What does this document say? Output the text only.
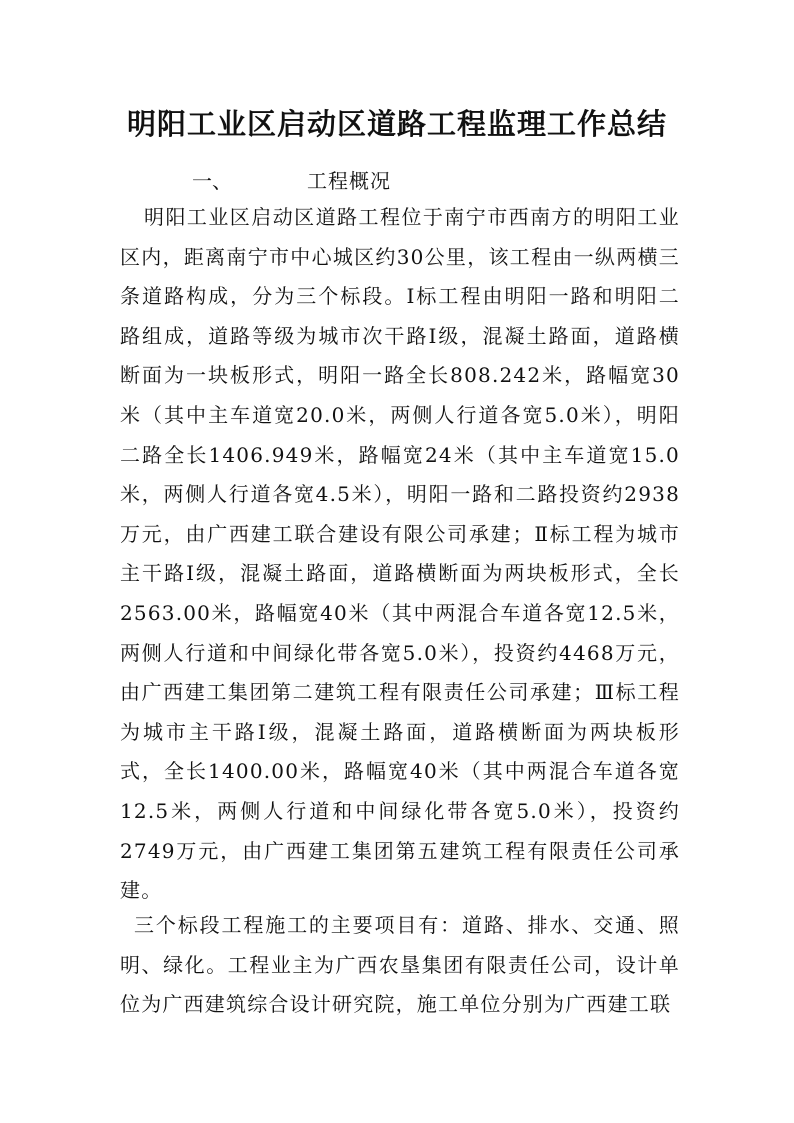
明阳工业区启动区道路工程监理工作总结
一、	工程概况

明阳工业区启动区道路工程位于南宁市西南方的明阳工业区内，距离南宁市中心城区约30公里，该工程由一纵两横三条道路构成，分为三个标段。Ⅰ标工程由明阳一路和明阳二路组成，道路等级为城市次干路Ⅰ级，混凝土路面，道路横断面为一块板形式，明阳一路全长808.242米，路幅宽30米（其中主车道宽20.0米，两侧人行道各宽5.0米），明阳二路全长1406.949米，路幅宽24米（其中主车道宽15.0米，两侧人行道各宽4.5米），明阳一路和二路投资约2938万元，由广西建工联合建设有限公司承建；Ⅱ标工程为城市主干路Ⅰ级，混凝土路面，道路横断面为两块板形式，全长2563.00米，路幅宽40米（其中两混合车道各宽12.5米，两侧人行道和中间绿化带各宽5.0米），投资约4468万元，由广西建工集团第二建筑工程有限责任公司承建；Ⅲ标工程为城市主干路Ⅰ级，混凝土路面，道路横断面为两块板形式，全长1400.00米，路幅宽40米（其中两混合车道各宽12.5米，两侧人行道和中间绿化带各宽5.0米），投资约2749万元，由广西建工集团第五建筑工程有限责任公司承建。

三个标段工程施工的主要项目有：道路、排水、交通、照明、绿化。工程业主为广西农垦集团有限责任公司，设计单位为广西建筑综合设计研究院，施工单位分别为广西建工联
